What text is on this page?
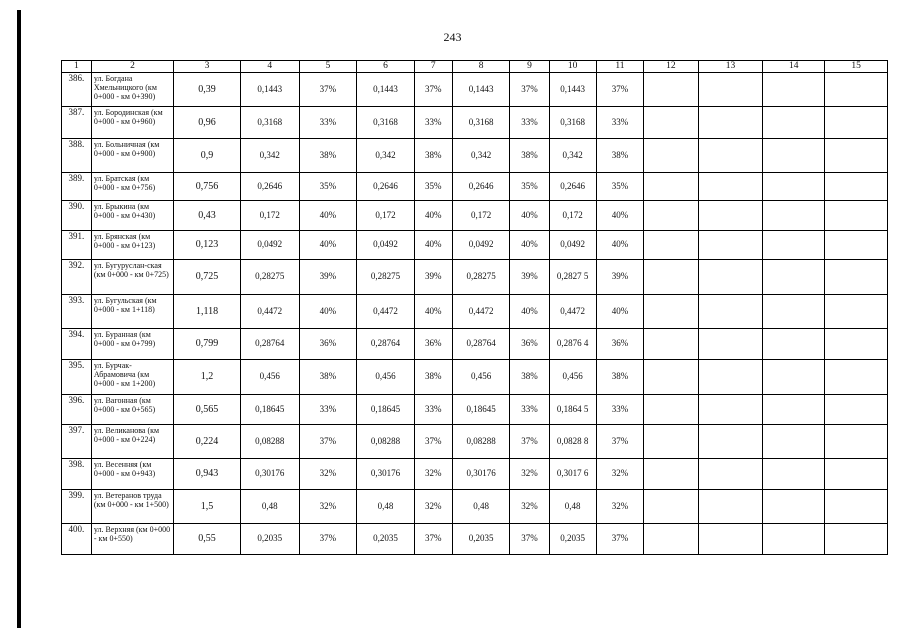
243
1	2	3	4	5	6	7	8	9	10	11	12	13	14	15
386.	ул. Богдана Хмельницкого (км 0+000 - км 0+390)	0,39	0,1443	37%	0,1443	37%	0,1443	37%	0,1443	37%				
387.	ул. Бородинская (км 0+000 - км 0+960)	0,96	0,3168	33%	0,3168	33%	0,3168	33%	0,3168	33%				
388.	ул. Больничная (км 0+000 - км 0+900)	0,9	0,342	38%	0,342	38%	0,342	38%	0,342	38%				
389.	ул. Братская (км 0+000 - км 0+756)	0,756	0,2646	35%	0,2646	35%	0,2646	35%	0,2646	35%				
390.	ул. Брыкина (км 0+000 - км 0+430)	0,43	0,172	40%	0,172	40%	0,172	40%	0,172	40%				
391.	ул. Брянская (км 0+000 - км 0+123)	0,123	0,0492	40%	0,0492	40%	0,0492	40%	0,0492	40%				
392.	ул. Бугуруслан-ская (км 0+000 - км 0+725)	0,725	0,28275	39%	0,28275	39%	0,28275	39%	0,2827 5	39%				
393.	ул. Бугульская (км 0+000 - км 1+118)	1,118	0,4472	40%	0,4472	40%	0,4472	40%	0,4472	40%				
394.	ул. Буранная (км 0+000 - км 0+799)	0,799	0,28764	36%	0,28764	36%	0,28764	36%	0,2876 4	36%				
395.	ул. Бурчак-Абрамовича (км 0+000 - км 1+200)	1,2	0,456	38%	0,456	38%	0,456	38%	0,456	38%				
396.	ул. Вагонная (км 0+000 - км 0+565)	0,565	0,18645	33%	0,18645	33%	0,18645	33%	0,1864 5	33%				
397.	ул. Великанова (км 0+000 - км 0+224)	0,224	0,08288	37%	0,08288	37%	0,08288	37%	0,0828 8	37%				
398.	ул. Весенняя (км 0+000 - км 0+943)	0,943	0,30176	32%	0,30176	32%	0,30176	32%	0,3017 6	32%				
399.	ул. Ветеранов труда (км 0+000 - км 1+500)	1,5	0,48	32%	0,48	32%	0,48	32%	0,48	32%				
400.	ул. Верхняя (км 0+000 - км 0+550)	0,55	0,2035	37%	0,2035	37%	0,2035	37%	0,2035	37%				
